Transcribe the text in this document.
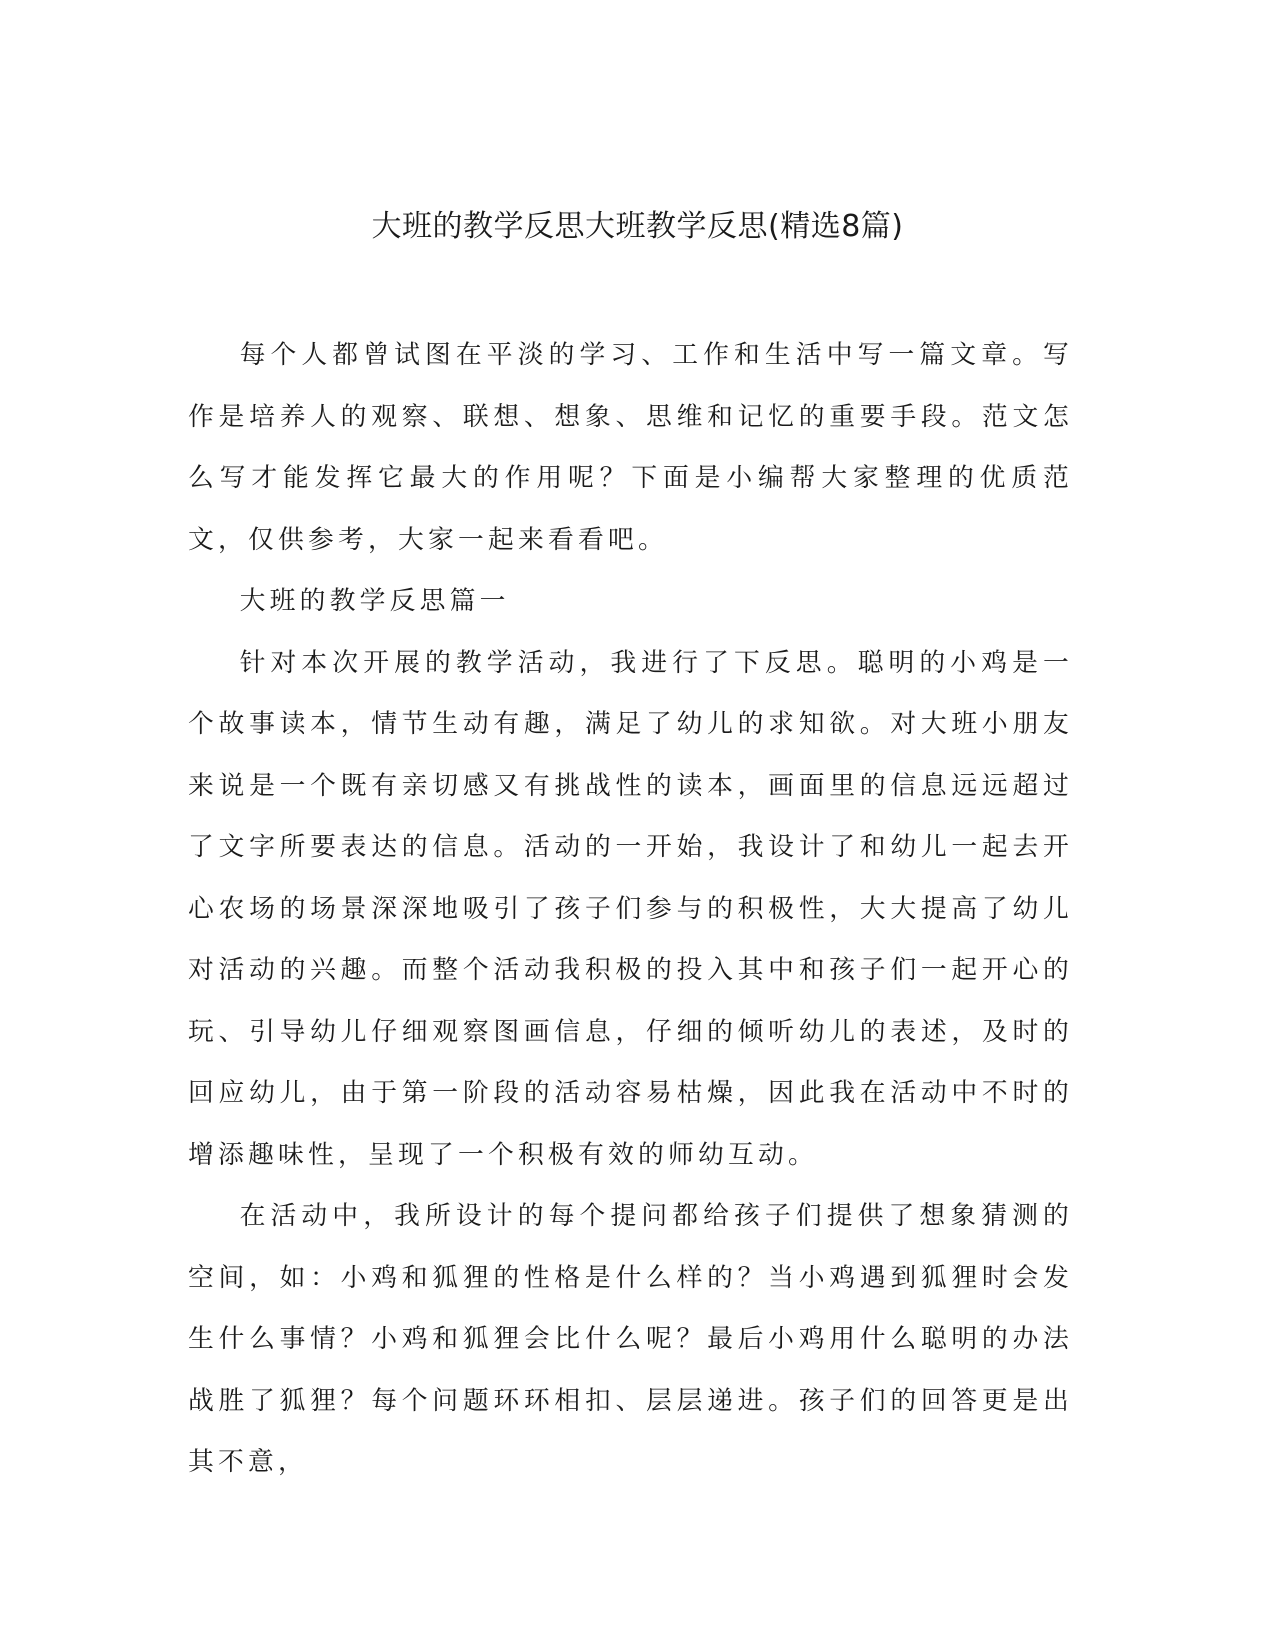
大班的教学反思大班教学反思(精选8篇)

每个人都曾试图在平淡的学习、工作和生活中写一篇文章。写作是培养人的观察、联想、想象、思维和记忆的重要手段。范文怎么写才能发挥它最大的作用呢？下面是小编帮大家整理的优质范文，仅供参考，大家一起来看看吧。

大班的教学反思篇一

针对本次开展的教学活动，我进行了下反思。聪明的小鸡是一个故事读本，情节生动有趣，满足了幼儿的求知欲。对大班小朋友来说是一个既有亲切感又有挑战性的读本，画面里的信息远远超过了文字所要表达的信息。活动的一开始，我设计了和幼儿一起去开心农场的场景深深地吸引了孩子们参与的积极性，大大提高了幼儿对活动的兴趣。而整个活动我积极的投入其中和孩子们一起开心的玩、引导幼儿仔细观察图画信息，仔细的倾听幼儿的表述，及时的回应幼儿，由于第一阶段的活动容易枯燥，因此我在活动中不时的增添趣味性，呈现了一个积极有效的师幼互动。

在活动中，我所设计的每个提问都给孩子们提供了想象猜测的空间，如：小鸡和狐狸的性格是什么样的？当小鸡遇到狐狸时会发生什么事情？小鸡和狐狸会比什么呢？最后小鸡用什么聪明的办法战胜了狐狸？每个问题环环相扣、层层递进。孩子们的回答更是出其不意，
